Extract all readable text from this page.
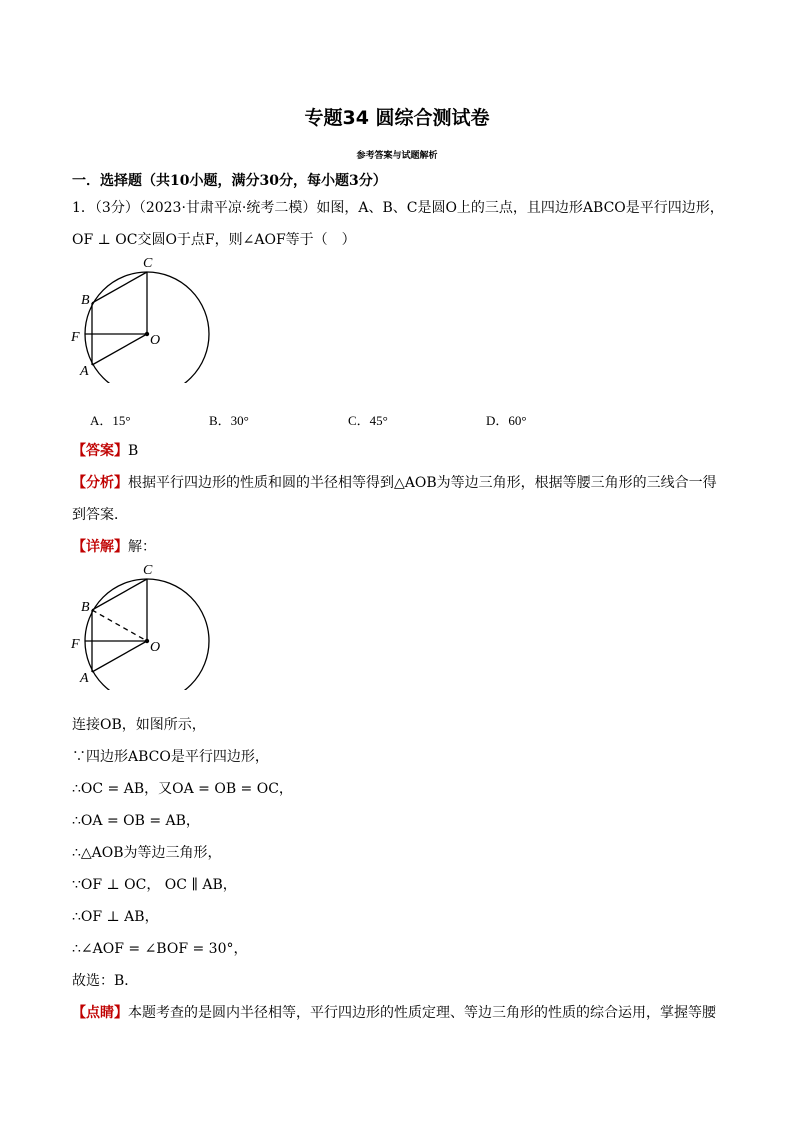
专题34 圆综合测试卷
参考答案与试题解析
一．选择题（共10小题，满分30分，每小题3分）
1．（3分）（2023·甘肃平凉·统考二模）如图，A、B、C是圆O上的三点，且四边形ABCO是平行四边形，
OF ⊥ OC交圆O于点F，则∠AOF等于（　）
C
B
F	O
A
A．15°	B．30°	C．45°	D．60°
【答案】B
【分析】根据平行四边形的性质和圆的半径相等得到△AOB为等边三角形，根据等腰三角形的三线合一得
到答案．
【详解】解：
C
B
F	O
A
连接OB，如图所示，
∵四边形ABCO是平行四边形，
∴OC = AB，又OA = OB = OC，
∴OA = OB = AB，
∴△AOB为等边三角形，
∵OF ⊥ OC， OC ∥ AB，
∴OF ⊥ AB，
∴∠AOF = ∠BOF = 30°，
故选：B．
【点睛】本题考查的是圆内半径相等，平行四边形的性质定理、等边三角形的性质的综合运用，掌握等腰
